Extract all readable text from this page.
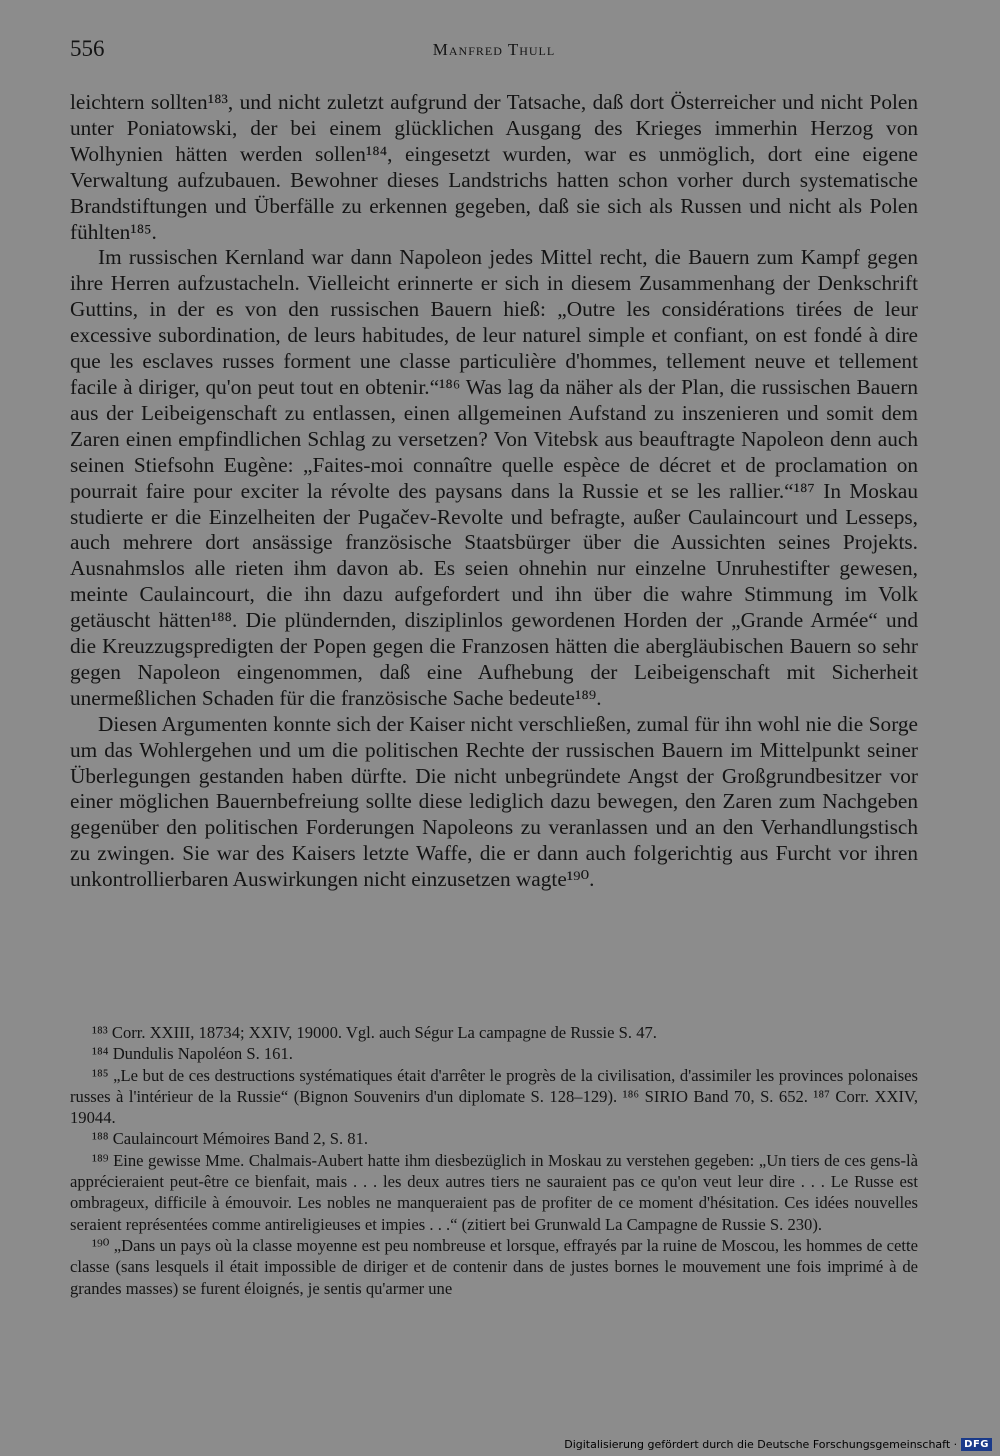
556	Manfred Thull

leichtern sollten¹⁸³, und nicht zuletzt aufgrund der Tatsache, daß dort Österreicher und nicht Polen unter Poniatowski, der bei einem glücklichen Ausgang des Krieges immerhin Herzog von Wolhynien hätten werden sollen¹⁸⁴, eingesetzt wurden, war es unmöglich, dort eine eigene Verwaltung aufzubauen. Bewohner dieses Landstrichs hatten schon vorher durch systematische Brandstiftungen und Überfälle zu erkennen gegeben, daß sie sich als Russen und nicht als Polen fühlten¹⁸⁵.

Im russischen Kernland war dann Napoleon jedes Mittel recht, die Bauern zum Kampf gegen ihre Herren aufzustacheln. Vielleicht erinnerte er sich in diesem Zusammenhang der Denkschrift Guttins, in der es von den russischen Bauern hieß: „Outre les considérations tirées de leur excessive subordination, de leurs habitudes, de leur naturel simple et confiant, on est fondé à dire que les esclaves russes forment une classe particulière d'hommes, tellement neuve et tellement facile à diriger, qu'on peut tout en obtenir.“¹⁸⁶ Was lag da näher als der Plan, die russischen Bauern aus der Leibeigenschaft zu entlassen, einen allgemeinen Aufstand zu inszenieren und somit dem Zaren einen empfindlichen Schlag zu versetzen? Von Vitebsk aus beauftragte Napoleon denn auch seinen Stiefsohn Eugène: „Faites-moi connaître quelle espèce de décret et de proclamation on pourrait faire pour exciter la révolte des paysans dans la Russie et se les rallier.“¹⁸⁷ In Moskau studierte er die Einzelheiten der Pugačev-Revolte und befragte, außer Caulaincourt und Lesseps, auch mehrere dort ansässige französische Staatsbürger über die Aussichten seines Projekts. Ausnahmslos alle rieten ihm davon ab. Es seien ohnehin nur einzelne Unruhestifter gewesen, meinte Caulaincourt, die ihn dazu aufgefordert und ihn über die wahre Stimmung im Volk getäuscht hätten¹⁸⁸. Die plündernden, disziplinlos gewordenen Horden der „Grande Armée“ und die Kreuzzugspredigten der Popen gegen die Franzosen hätten die abergläubischen Bauern so sehr gegen Napoleon eingenommen, daß eine Aufhebung der Leibeigenschaft mit Sicherheit unermeßlichen Schaden für die französische Sache bedeute¹⁸⁹.

Diesen Argumenten konnte sich der Kaiser nicht verschließen, zumal für ihn wohl nie die Sorge um das Wohlergehen und um die politischen Rechte der russischen Bauern im Mittelpunkt seiner Überlegungen gestanden haben dürfte. Die nicht unbegründete Angst der Großgrundbesitzer vor einer möglichen Bauernbefreiung sollte diese lediglich dazu bewegen, den Zaren zum Nachgeben gegenüber den politischen Forderungen Napoleons zu veranlassen und an den Verhandlungstisch zu zwingen. Sie war des Kaisers letzte Waffe, die er dann auch folgerichtig aus Furcht vor ihren unkontrollierbaren Auswirkungen nicht einzusetzen wagte¹⁹⁰.

¹⁸³ Corr. XXIII, 18734; XXIV, 19000. Vgl. auch Ségur La campagne de Russie S. 47.

¹⁸⁴ Dundulis Napoléon S. 161.

¹⁸⁵ „Le but de ces destructions systématiques était d'arrêter le progrès de la civilisation, d'assimiler les provinces polonaises russes à l'intérieur de la Russie“ (Bignon Souvenirs d'un diplomate S. 128–129). ¹⁸⁶ SIRIO Band 70, S. 652. ¹⁸⁷ Corr. XXIV, 19044.

¹⁸⁸ Caulaincourt Mémoires Band 2, S. 81.

¹⁸⁹ Eine gewisse Mme. Chalmais-Aubert hatte ihm diesbezüglich in Moskau zu verstehen gegeben: „Un tiers de ces gens-là apprécieraient peut-être ce bienfait, mais . . . les deux autres tiers ne sauraient pas ce qu'on veut leur dire . . . Le Russe est ombrageux, difficile à émouvoir. Les nobles ne manqueraient pas de profiter de ce moment d'hésitation. Ces idées nouvelles seraient représentées comme antireligieuses et impies . . .“ (zitiert bei Grunwald La Campagne de Russie S. 230).

¹⁹⁰ „Dans un pays où la classe moyenne est peu nombreuse et lorsque, effrayés par la ruine de Moscou, les hommes de cette classe (sans lesquels il était impossible de diriger et de contenir dans de justes bornes le mouvement une fois imprimé à de grandes masses) se furent éloignés, je sentis qu'armer une

Digitalisierung gefördert durch die Deutsche Forschungsgemeinschaft · DFG
